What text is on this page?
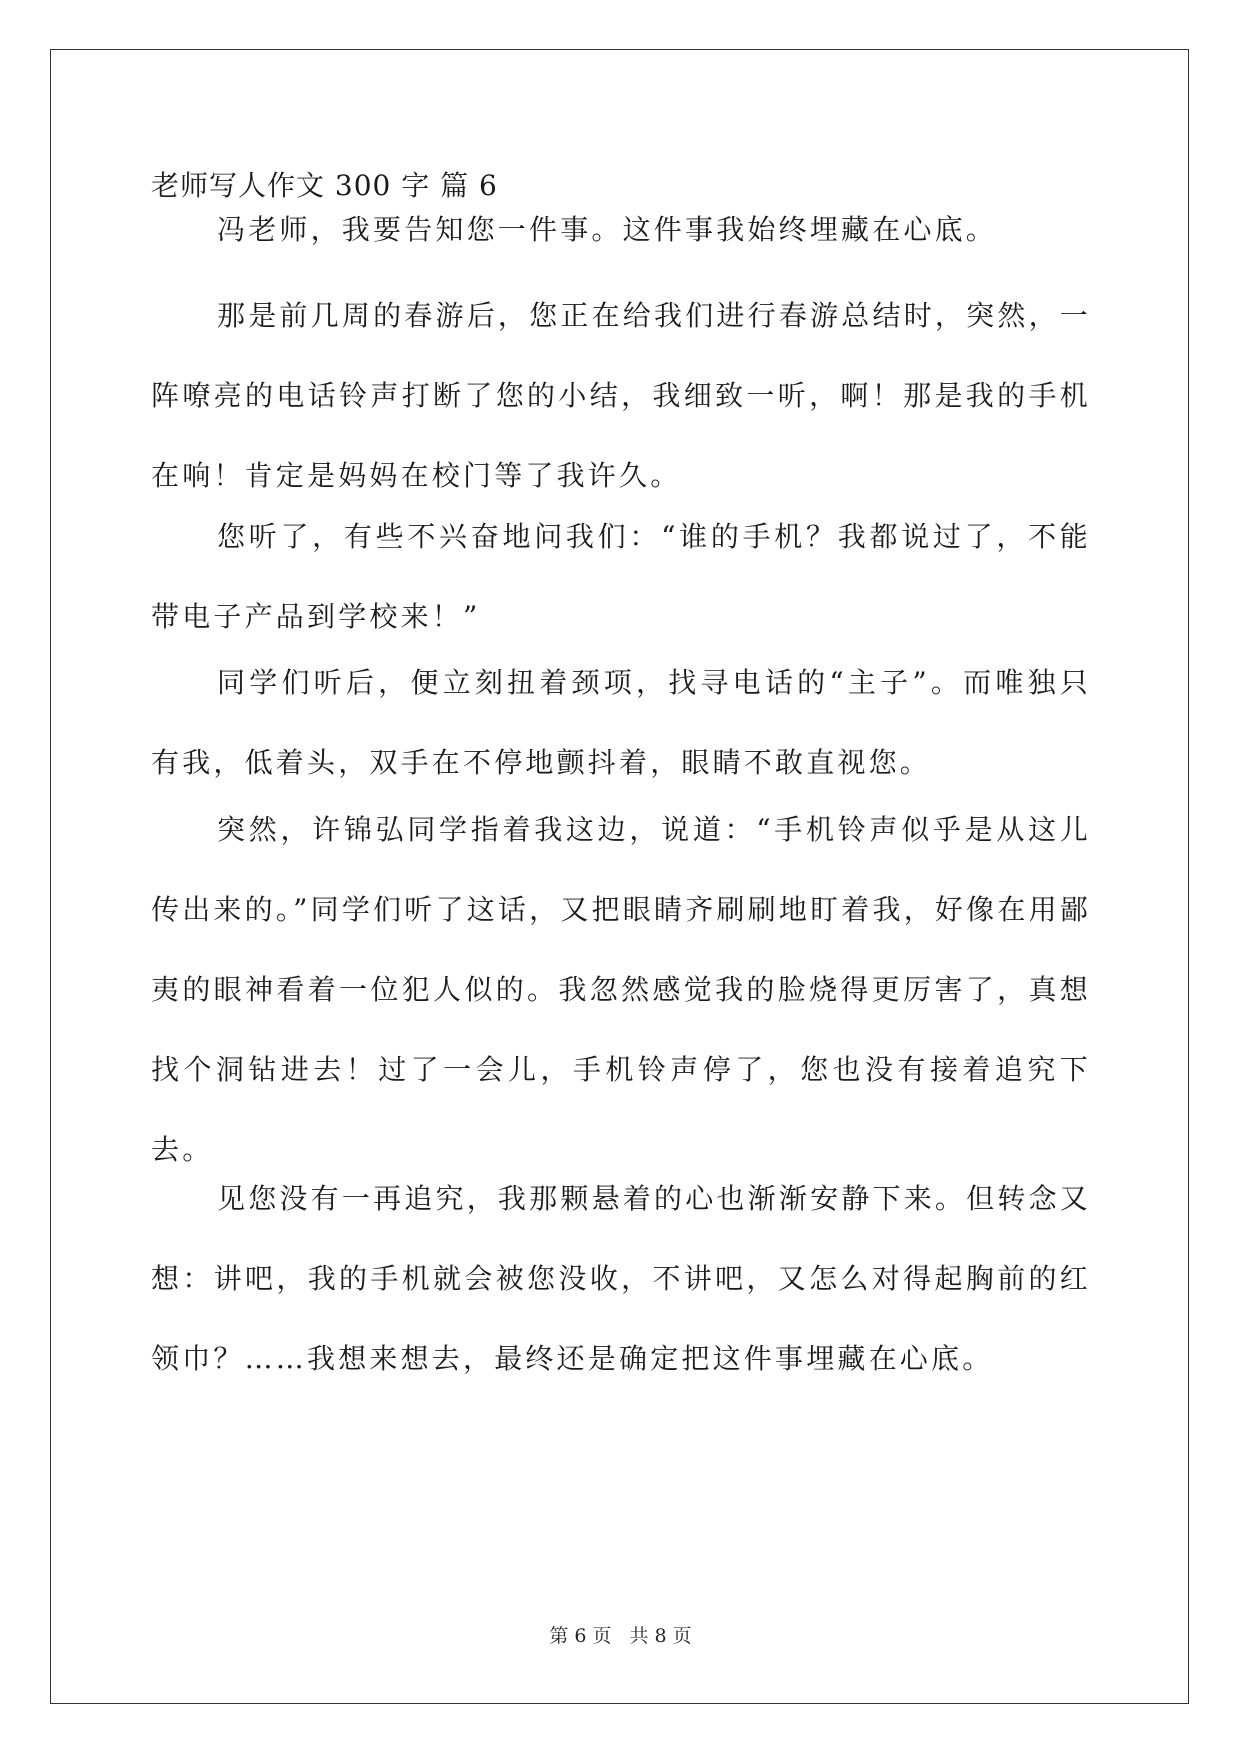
老师写人作文 300 字 篇 6

冯老师，我要告知您一件事。这件事我始终埋藏在心底。

那是前几周的春游后，您正在给我们进行春游总结时，突然，一阵嘹亮的电话铃声打断了您的小结，我细致一听，啊！那是我的手机在响！肯定是妈妈在校门等了我许久。

您听了，有些不兴奋地问我们：“谁的手机？我都说过了，不能带电子产品到学校来！”

同学们听后，便立刻扭着颈项，找寻电话的“主子”。而唯独只有我，低着头，双手在不停地颤抖着，眼睛不敢直视您。

突然，许锦弘同学指着我这边，说道：“手机铃声似乎是从这儿传出来的。”同学们听了这话，又把眼睛齐刷刷地盯着我，好像在用鄙夷的眼神看着一位犯人似的。我忽然感觉我的脸烧得更厉害了，真想找个洞钻进去！过了一会儿，手机铃声停了，您也没有接着追究下去。

见您没有一再追究，我那颗悬着的心也渐渐安静下来。但转念又想：讲吧，我的手机就会被您没收，不讲吧，又怎么对得起胸前的红领巾？……我想来想去，最终还是确定把这件事埋藏在心底。

第 6 页 共 8 页
